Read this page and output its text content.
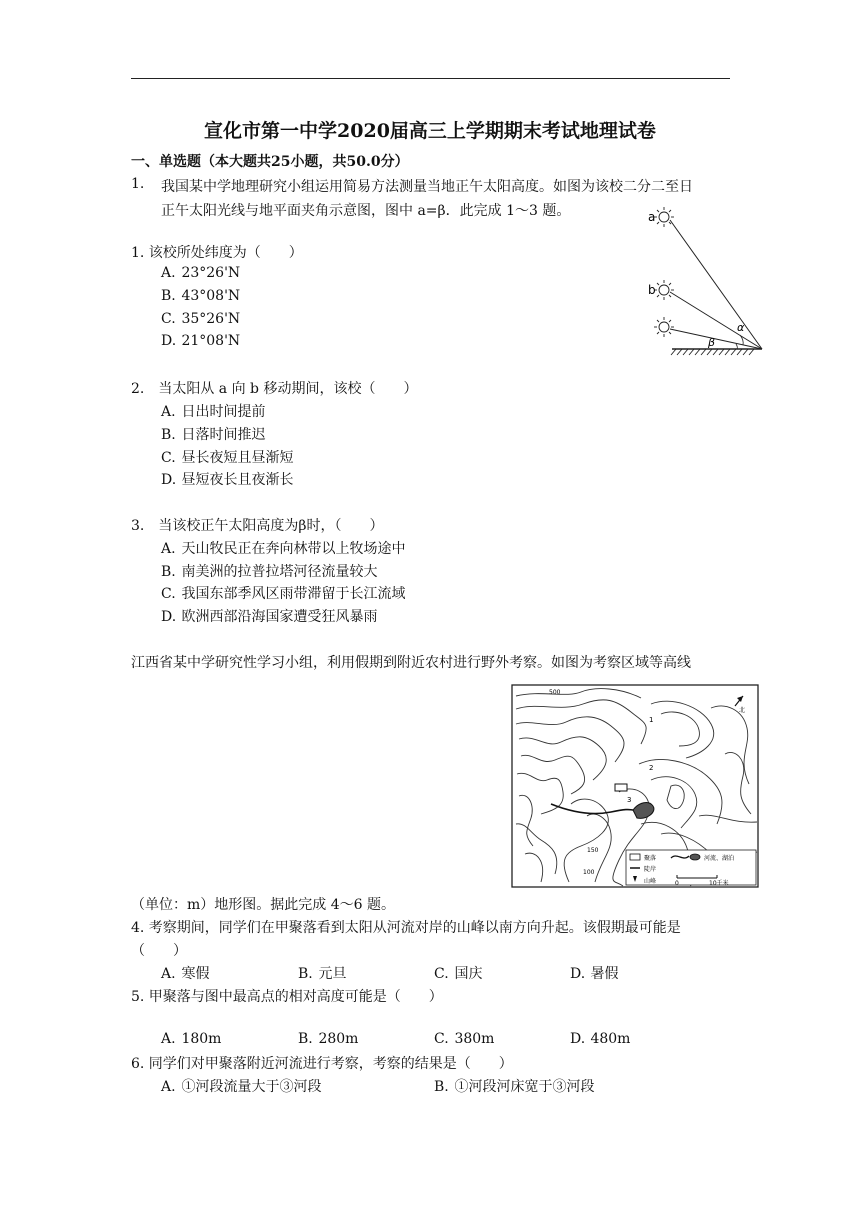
宣化市第一中学2020届高三上学期期末考试地理试卷
一、单选题（本大题共25小题，共50.0分）
1. 我国某中学地理研究小组运用简易方法测量当地正午太阳高度。如图为该校二分二至日
正午太阳光线与地平面夹角示意图，图中 a=β．此完成 1～3 题。	a
b
α
β
1. 该校所处纬度为（　　）
A. 23°26'N
B. 43°08'N
C. 35°26'N
D. 21°08'N
2.　当太阳从 a 向 b 移动期间，该校（　　）
A. 日出时间提前
B. 日落时间推迟
C. 昼长夜短且昼渐短
D. 昼短夜长且夜渐长
3.　当该校正午太阳高度为β时，（　　）
A. 天山牧民正在奔向林带以上牧场途中
B. 南美洲的拉普拉塔河径流量较大
C. 我国东部季风区雨带滞留于长江流域
D. 欧洲西部沿海国家遭受狂风暴雨
江西省某中学研究性学习小组，利用假期到附近农村进行野外考察。如图为考察区域等高线
500
150
100
1
2
3
北
聚落
陡岸
山峰
河流、湖泊
0	10千米
（单位：m）地形图。据此完成 4～6 题。
4. 考察期间，同学们在甲聚落看到太阳从河流对岸的山峰以南方向升起。该假期最可能是
（　　）
A. 寒假	B. 元旦	C. 国庆	D. 暑假
5. 甲聚落与图中最高点的相对高度可能是（　　）
A. 180m	B. 280m	C. 380m	D. 480m
6. 同学们对甲聚落附近河流进行考察，考察的结果是（　　）
A. ①河段流量大于③河段	B. ①河段河床宽于③河段
